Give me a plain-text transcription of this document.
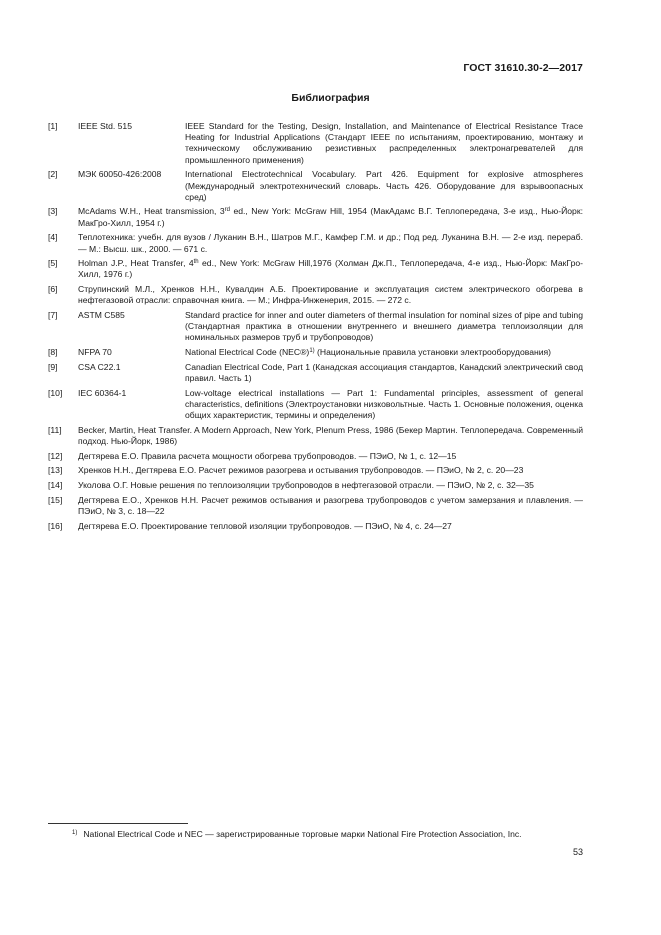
ГОСТ 31610.30-2—2017
Библиография
[1]	IEEE Std. 515	IEEE Standard for the Testing, Design, Installation, and Maintenance of Electrical Resistance Trace Heating for Industrial Applications (Стандарт IEEE по испытаниям, проектированию, монтажу и техническому обслуживанию резистивных распределенных электронагревателей для промышленного применения)
[2]	МЭК 60050-426:2008	International Electrotechnical Vocabulary. Part 426. Equipment for explosive atmospheres (Международный электротехнический словарь. Часть 426. Оборудование для взрывоопасных сред)
[3]	McAdams W.H., Heat transmission, 3rd ed., New York: McGraw Hill, 1954 (МакАдамс В.Г. Теплопередача, 3-е изд., Нью-Йорк: МакГро-Хилл, 1954 г.)
[4]	Теплотехника: учебн. для вузов / Луканин В.Н., Шатров М.Г., Камфер Г.М. и др.; Под ред. Луканина В.Н. — 2-е изд. перераб. — М.: Высш. шк., 2000. — 671 с.
[5]	Holman J.P., Heat Transfer, 4th ed., New York: McGraw Hill,1976 (Холман Дж.П., Теплопередача, 4-е изд., Нью-Йорк: МакГро-Хилл, 1976 г.)
[6]	Струпинский М.Л., Хренков Н.Н., Кувалдин А.Б. Проектирование и эксплуатация систем электрического обогрева в нефтегазовой отрасли: справочная книга. — М.; Инфра-Инженерия, 2015. — 272 с.
[7]	ASTM C585	Standard practice for inner and outer diameters of thermal insulation for nominal sizes of pipe and tubing (Стандартная практика в отношении внутреннего и внешнего диаметра теплоизоляции для номинальных размеров труб и трубопроводов)
[8]	NFPA 70	National Electrical Code (NEC®)$^{1)}$ (Национальные правила установки электрооборудования)
[9]	CSA C22.1	Canadian Electrical Code, Part 1 (Канадская ассоциация стандартов, Канадский электрический свод правил. Часть 1)
[10]	IEC 60364-1	Low-voltage electrical installations — Part 1: Fundamental principles, assessment of general characteristics, definitions (Электроустановки низковольтные. Часть 1. Основные положения, оценка общих характеристик, термины и определения)
[11]	Becker, Martin, Heat Transfer. A Modern Approach, New York, Plenum Press, 1986 (Бекер Мартин. Теплопередача. Современный подход. Нью-Йорк, 1986)
[12]	Дегтярева Е.О. Правила расчета мощности обогрева трубопроводов. — ПЭиО, № 1, с. 12—15
[13]	Хренков Н.Н., Дегтярева Е.О. Расчет режимов разогрева и остывания трубопроводов. — ПЭиО, № 2, с. 20—23
[14]	Уколова О.Г. Новые решения по теплоизоляции трубопроводов в нефтегазовой отрасли. — ПЭиО, № 2, с. 32—35
[15]	Дегтярева Е.О., Хренков Н.Н. Расчет режимов остывания и разогрева трубопроводов с учетом замерзания и плавления. — ПЭиО, № 3, с. 18—22
[16]	Дегтярева Е.О. Проектирование тепловой изоляции трубопроводов. — ПЭиО, № 4, с. 24—27
$^{1)}$ National Electrical Code и NEC — зарегистрированные торговые марки National Fire Protection Association, Inc.
53
